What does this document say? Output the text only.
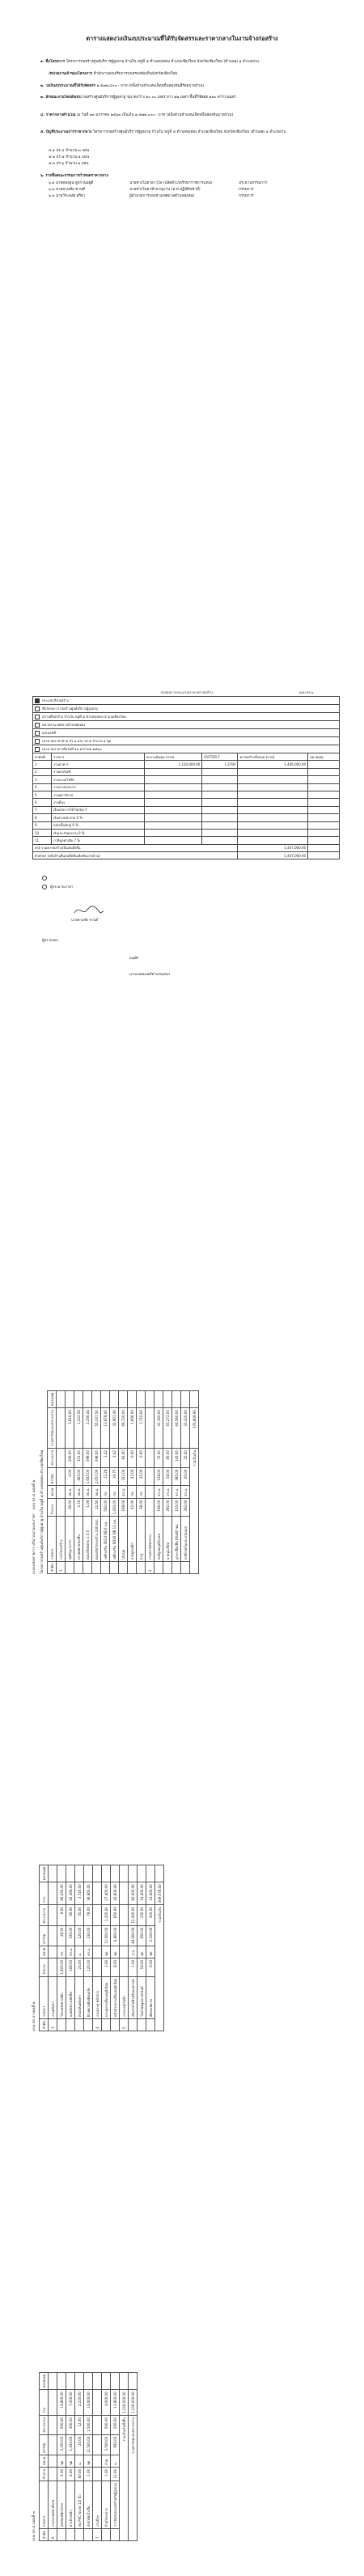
ตารางแสดงวงเงินงบประมาณที่ได้รับจัดสรรและราคากลางในงานจ้างก่อสร้าง
๑. ชื่อโครงการ โครงการก่อสร้างศูนย์บริการผู้สูงอายุ บ้านใน หมู่ที่ ๕ ตำบลทุ่งท่อง อำเภอเชียงใหม่ จังหวัดเชียงใหม่ (ตำบลสุ) ๑ อำเภอ/กบ.
/หน่วยงานเจ้าของโครงการ สำนักงานส่งเสริมการปกครองท้องถิ่นจังหวัดเชียงใหม่
๒. วงเงินงบประมาณที่ได้รับจัดสรร ๑,๕๗๒,๔๐๐.- บาท (หนึ่งล้านห้าแสนเจ็ดหมื่นสองพันสี่ร้อยบาทถ้วน)
๓. ลักษณะงานโดยสังเขป ก่อสร้างศูนย์บริการผู้สูงอายุ ขนาดกว้าง ๑๐.๐๐ เมตร ยาว ๑๒ เมตร พื้นที่ใช้สอย ๑๒๐ ตารางเมตร
๔. ราคากลางคำนวณ ณ วันที่ ๑๓ มกราคม ๒๕๖๓ เป็นเงิน ๑,๕๗๒,๐๐๐.- บาท (หนึ่งล้านห้าแสนเจ็ดหมื่นสองพันบาทถ้วน)
๕. บัญชีประมาณการราคากลาง โครงการก่อสร้างศูนย์บริการผู้สูงอายุ บ้านใน หมู่ที่ ๕ ตำบลทุ่งท่อง อำเภอเชียงใหม่ จังหวัดเชียงใหม่ (ตำบลสุ) ๑ อำเภอ/กบ.
๕.๑ ปร.๔ จำนวน ๓ แผ่น
๕.๒ ปร.๕ จำนวน ๑ แผ่น
๕.๓ ปร.๖ จำนวน ๑ แผ่น
๖. รายชื่อคณะกรรมการกำหนดราคากลาง
๖.๑ นายทองพูน ลูกกวนอยู่ดี	นายช่างโยธาอาวุโส (ปลัดอำเภอรักษาราชการแทน)	ประธานกรรมการ
๖.๒ นายพานชัย ขานดี	นายช่างโยธาชำนาญงาน (ส.ท.ปฏิบัติหน้าที่)	กรรมการ
๖.๓ นายวีระพงษ์ สุริยา	ผู้อำนวยการกองช่างเทศบาลตำบลทุ่งท่อง	กรรมการ
สรุปผลการประมาณราคาค่าก่อสร้าง	แบบ ปร.๖
ประเภท สิ่งก่อสร้าง
ชื่อโครงการ ก่อสร้างศูนย์บริการผู้สูงอายุ
สถานที่ก่อสร้าง บ้านใน หมู่ที่ ๕ ตำบลทุ่งท่อง อำเภอเชียงใหม่
หน่วยงาน เทศบาลตำบลทุ่งท่อง
แบบเลขที่ -
ประมาณราคาตาม ปร.๔ และ ปร.๕ จำนวน ๑ ชุด
ประมาณราคาเมื่อวันที่ ๑๓ มกราคม ๒๕๖๓
ลำดับที่	รายการ	ค่างานต้นทุน (บาท)	FACTOR F	ค่าก่อสร้างทั้งหมด (บาท)	หมายเหตุ
1	งานอาคาร	1,130,000.00	1.2793	1,446,000.00	
2	งานครุภัณฑ์				
3	งานระบบไฟฟ้า				
4	งานระบบประปา				
5	งานสุขาภิบาล				
6	งานอื่นๆ				
7	เงื่อนไขการใช้ Factor F				
8	เงินล่วงหน้าจ่าย 0 %				
9	ดอกเบี้ยเงินกู้ 6 %				
10	เงินประกันผลงาน 0 %				
11	ภาษีมูลค่าเพิ่ม 7 %				
สรุป รวมค่าก่อสร้างเป็นเงินทั้งสิ้น				1,447,000.00	
ตัวอักษร (หนึ่งล้านสี่แสนสี่หมื่นเจ็ดพันบาทถ้วน)				1,447,000.00	
ผู้ประมาณราคา
นายพานชัย ขานดี
ผู้ตรวจสอบ
อนุมัติ
นายกเทศมนตรีตำบลทุ่งท่อง
แบบแสดงรายการ ปริมาณงานและราคา   แบบ ปร.๔ แผ่นที่ ๑	โครงการก่อสร้างศูนย์บริการผู้สูงอายุ บ้านใน หมู่ที่ ๕ ตำบลทุ่งท่อง อำเภอเชียงใหม่ ลำดับ	รายการ	จำนวน	หน่วย	ค่าวัสดุ	ค่าแรงงาน	รวมค่าวัสดุและค่าแรงงาน	หมายเหตุ
1	งานโครงสร้าง						
	ขุดดินฐานราก	36.00	ลบ.ม.	0.00	106.00	3,816.00	
	ทรายหยาบรองพื้น	2.16	ลบ.ม.	465.00	101.00	1,222.56	
	คอนกรีตหยาบ 1:3:5	1.08	ลบ.ม.	1,645.00	398.00	2,206.44	
	คอนกรีตโครงสร้าง 240 ksc.	22.50	ลบ.ม.	2,057.00	398.00	55,237.50	
	เหล็กเสริม SR24 RB 6 มม.	540.00	กก.	22.28	3.42	13,878.00	
	เหล็กเสริม SD30 DB 12 มม.	1,420.00	กก.	19.75	3.42	32,901.40	
	ไม้แบบ	168.00	ตร.ม.	332.00	83.00	69,720.00	
	ลวดผูกเหล็ก	42.00	กก.	43.00	0.00	1,806.00	
	ตะปู	38.00	กก.	45.00	0.00	1,710.00	
2	งานสถาปัตยกรรม						
	ก่ออิฐมอญครึ่งแผ่น	196.00	ตร.ม.	138.00	72.00	41,160.00	
	ฉาบปูนเรียบ	392.00	ตร.ม.	58.00	83.00	55,272.00	
	ปูกระเบื้องพื้น 60x60 ซม.	120.00	ตร.ม.	395.00	143.00	64,560.00	
	ทาสีภายในและภายนอก	392.00	ตร.ม.	60.00	25.00	33,320.00	
รวมเป็นเงิน						376,809.90	
แบบ ปร.๔ แผ่นที่ ๒ ลำดับ	รายการ	จำนวน	หน่วย	ค่าวัสดุ	ค่าแรงงาน	รวม	หมายเหตุ
3	งานหลังคา						
	โครงหลังคาเหล็ก	1,820.00	กก.	28.50	8.00	66,430.00	
	มุงหลังคาเมทัลชีท	168.00	ตร.ม.	195.00	56.00	42,168.00	
	ครอบสันหลังคา	24.00	ม.	120.00	35.00	3,720.00	
	ฝ้าเพดานยิปซั่มบอร์ด	120.00	ตร.ม.	230.00	78.00	36,960.00	
4	งานประตู หน้าต่าง						
	ประตูบานเลื่อนอลูมิเนียม	2.00	ชุด	12,500.00	1,200.00	27,400.00	
	หน้าต่างบานเลื่อนอลูมิเนียม	8.00	ชุด	4,800.00	650.00	43,600.00	
5	งานระบบไฟฟ้า						
	เดินสายไฟฟ้าพร้อมอุปกรณ์	1.00	งาน	48,000.00	12,000.00	60,000.00	
	โคมไฟฟลูออเรสเซนต์	18.00	ชุด	650.00	150.00	14,400.00	
	พัดลมเพดาน	6.00	ชุด	2,100.00	300.00	14,400.00	
รวมเป็นเงิน						309,078.00	
แบบ ปร.๔ แผ่นที่ ๓ ลำดับ	รายการ	จำนวน	หน่วย	ค่าวัสดุ	ค่าแรงงาน	รวม	หมายเหตุ
6	งานระบบสุขาภิบาล						
	สุขภัณฑ์ชักโครก	4.00	ชุด	3,200.00	500.00	14,800.00	
	อ่างล้างหน้า	4.00	ชุด	1,450.00	300.00	7,000.00	
	ท่อ PVC ขนาด 1/2 นิ้ว	60.00	ม.	25.00	12.00	2,220.00	
	ถังบำบัดน้ำเสีย	1.00	ชุด	12,500.00	1,500.00	14,000.00	
7	งานอื่นๆ						
	ป้ายโครงการ	1.00	ป้าย	3,500.00	500.00	4,000.00	
	ราวจับสแตนเลสสำหรับผู้สูงอายุ	12.00	ม.	950.00	200.00	13,800.00	
รวมเป็นเงินทั้งสิ้น						1,130,000.00	
รวมค่าวัสดุและค่าแรงงาน						1,130,000.00	
